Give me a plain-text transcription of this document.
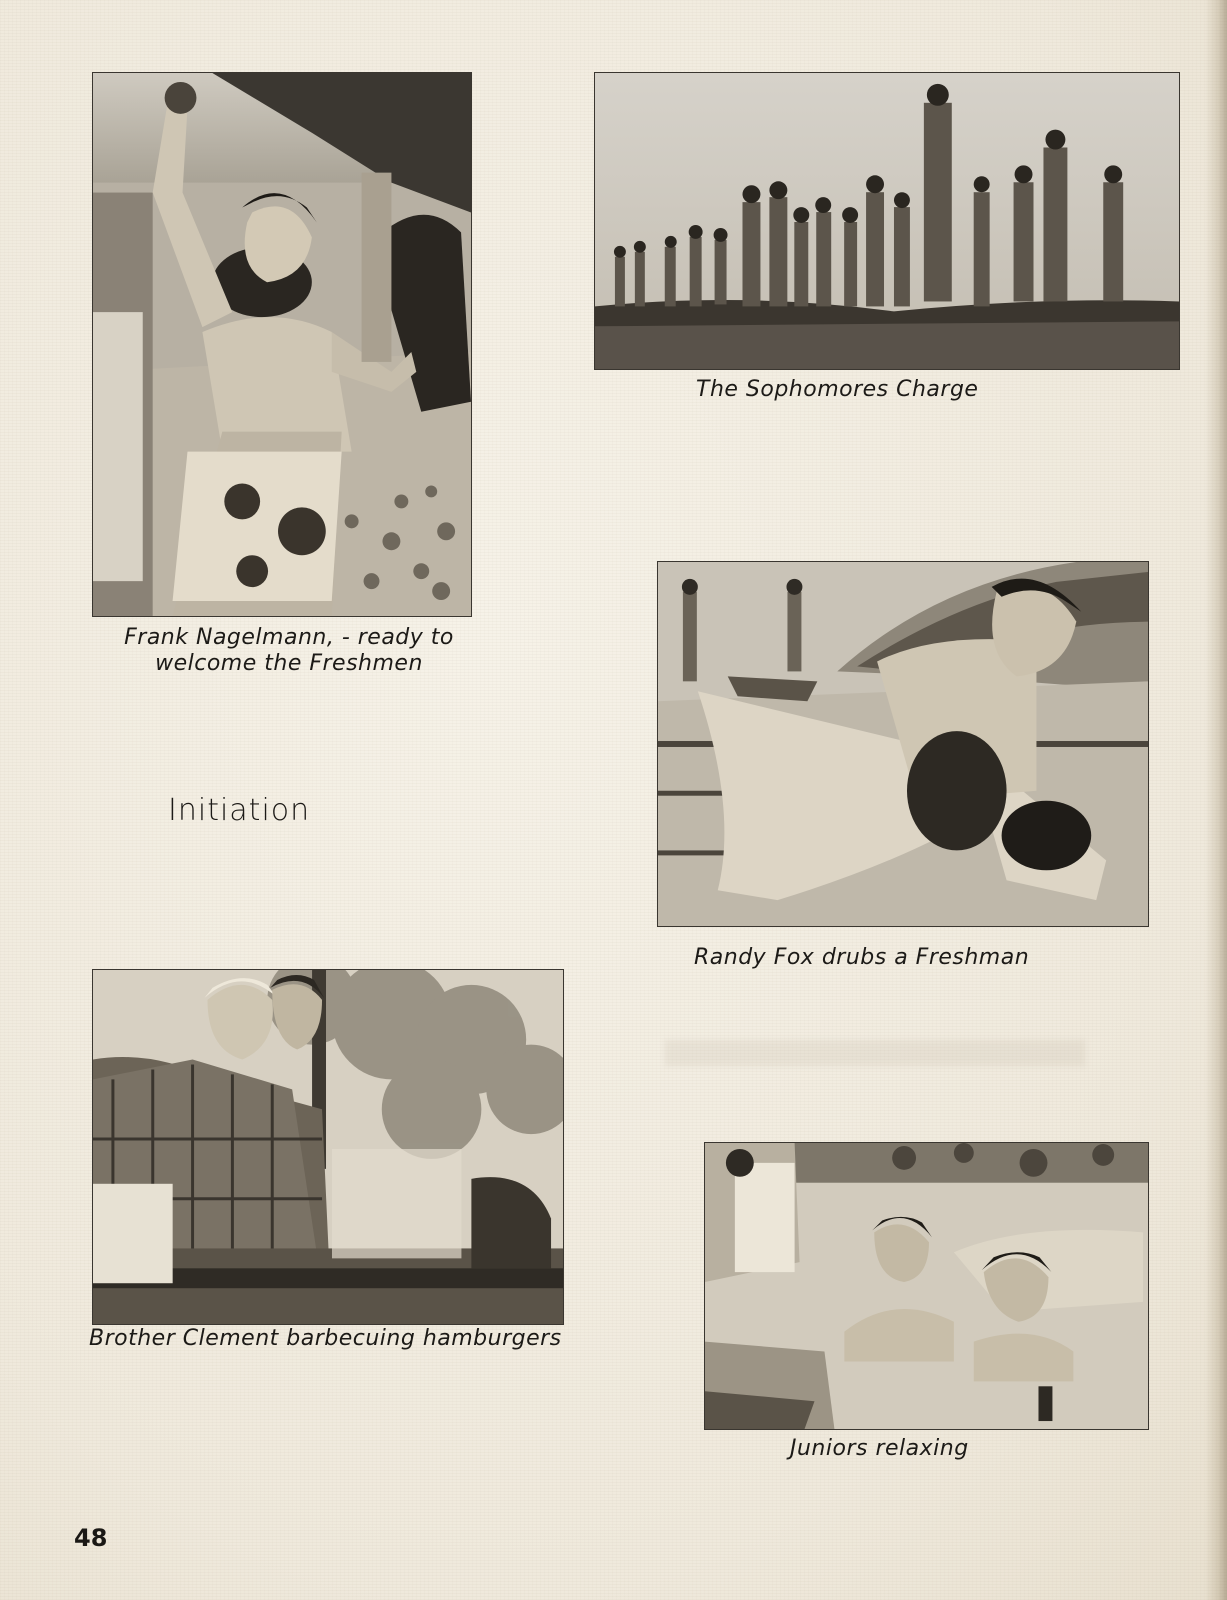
Frank Nagelmann, - ready to
welcome the Freshmen
The Sophomores Charge
Randy Fox drubs a Freshman
Initiation
Brother Clement barbecuing hamburgers
Juniors relaxing
48
